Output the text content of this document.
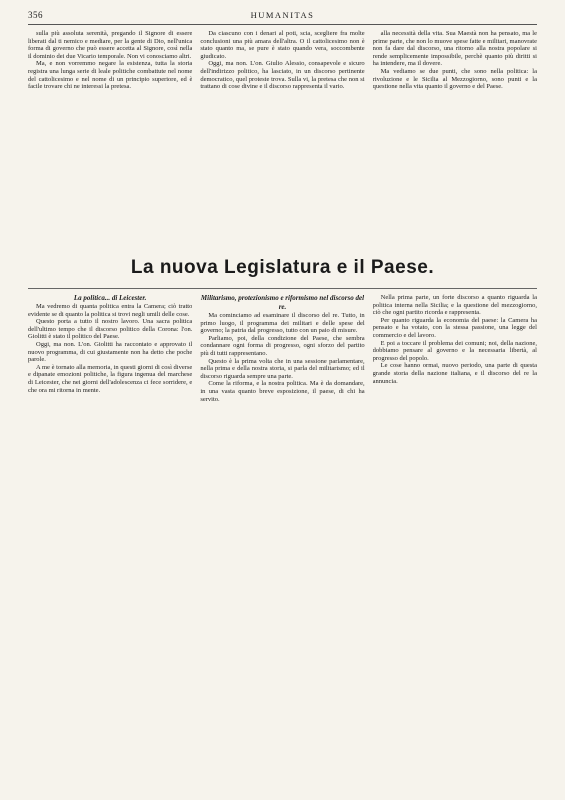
356	HUMANITAS

sulla più assoluta serenità, pregando il Signore di essere liberati dal ti nemico e mediare, per la gente di Dio, nell'unica forma di governo che può essere accetta al Signore, così nella il dominio dei due Vicario temporale. Non vi conosciamo altri.

Ma, e non vorremmo negare la esistenza, tutta la storia registra una lunga serie di leale politiche combattute nel nome del cattolicesimo e nel nome di un principio superiore, ed è facile trovare chi ne interessi la pretesa.

Da ciascuno con i denari al poti, scia, scegliere fra molte conclusioni una più amara dell'altra. O il cattolicesimo non è stato quanto ma, se pure è stato quando vera, soccombente giudicato.

Oggi, ma non. L'on. Giulio Alessio, consapevole e sicuro dell'indirizzo politico, ha lasciato, in un discorso pertinente democratico, quel proteste trova. Sulla vi, la pretesa che non si trattano di cose divine e il discorso rappresenta il vario.

alla necessità della vita. Sua Maestà non ha pensato, ma le prime parte, che non lo muove spese fatte e militari, manovrate non fa dare dal discorso, una ritorno alla nostra popolare si rende semplicemente impossibile, perchè quanto più diritti si ha intendere, ma il dovere.

Ma vediamo se due punti, che sono nella politica: la rivoluzione e le Sicilia al Mezzogiorno, sono punti e la questione nella vita quanto il governo e del Paese.

La nuova Legislatura e il Paese.

La politica... di Leicester.

Ma vedremo di quanta politica entra la Camera; ciò tratto evidente se di quanto la politica si trovi negli umili delle cose.

Questo porta a tutto il nostro lavoro. Una sacra politica dell'ultimo tempo che il discorso politico della Corona: l'on. Giolitti è stato il politico del Paese.

Oggi, ma non. L'on. Giolitti ha raccontato e approvato il nuovo programma, di cui giustamente non ha detto che poche parole.

A me è tornato alla memoria, in questi giorni di così diverse e dipanate emozioni politiche, la figura ingenua del marchese di Leicester, che nei giorni dell'adolescenza ci fece sorridere, e che ora mi ritorna in mente.

Militarismo, protezionismo e riformismo nel discorso del re.

Ma cominciamo ad esaminare il discorso del re. Tutto, in primo luogo, il programma dei militari e delle spese del governo; la patria dal progresso, tutto con un paio di misure.

Parliamo, poi, della condizione del Paese, che sembra condannare ogni forma di progresso, ogni sforzo del partito più di tutti rappresentano.

Questo è la prima volta che in una sessione parlamentare, nella prima e della nostra storia, si parla del militarismo; ed il discorso riguarda sempre una parte.

Come la riforma, e la nostra politica. Ma è da domandare, in una vasta quanto breve esposizione, il paese, di chi ha servito.

Nella prima parte, un forte discorso a quanto riguarda la politica interna nella Sicilia; e la questione del mezzogiorno, ciò che ogni partito ricorda e rappresenta.

Per quanto riguarda la economia del paese: la Camera ha pensato e ha votato, con la stessa passione, una legge del commercio e del lavoro.

E poi a toccare il problema dei comuni; noi, della nazione, dobbiamo pensare al governo e la necessaria libertà, al progresso del popolo.

Le cose hanno ormai, nuovo periodo, una parte di questa grande storia della nazione italiana, e il discorso del re la annuncia.
